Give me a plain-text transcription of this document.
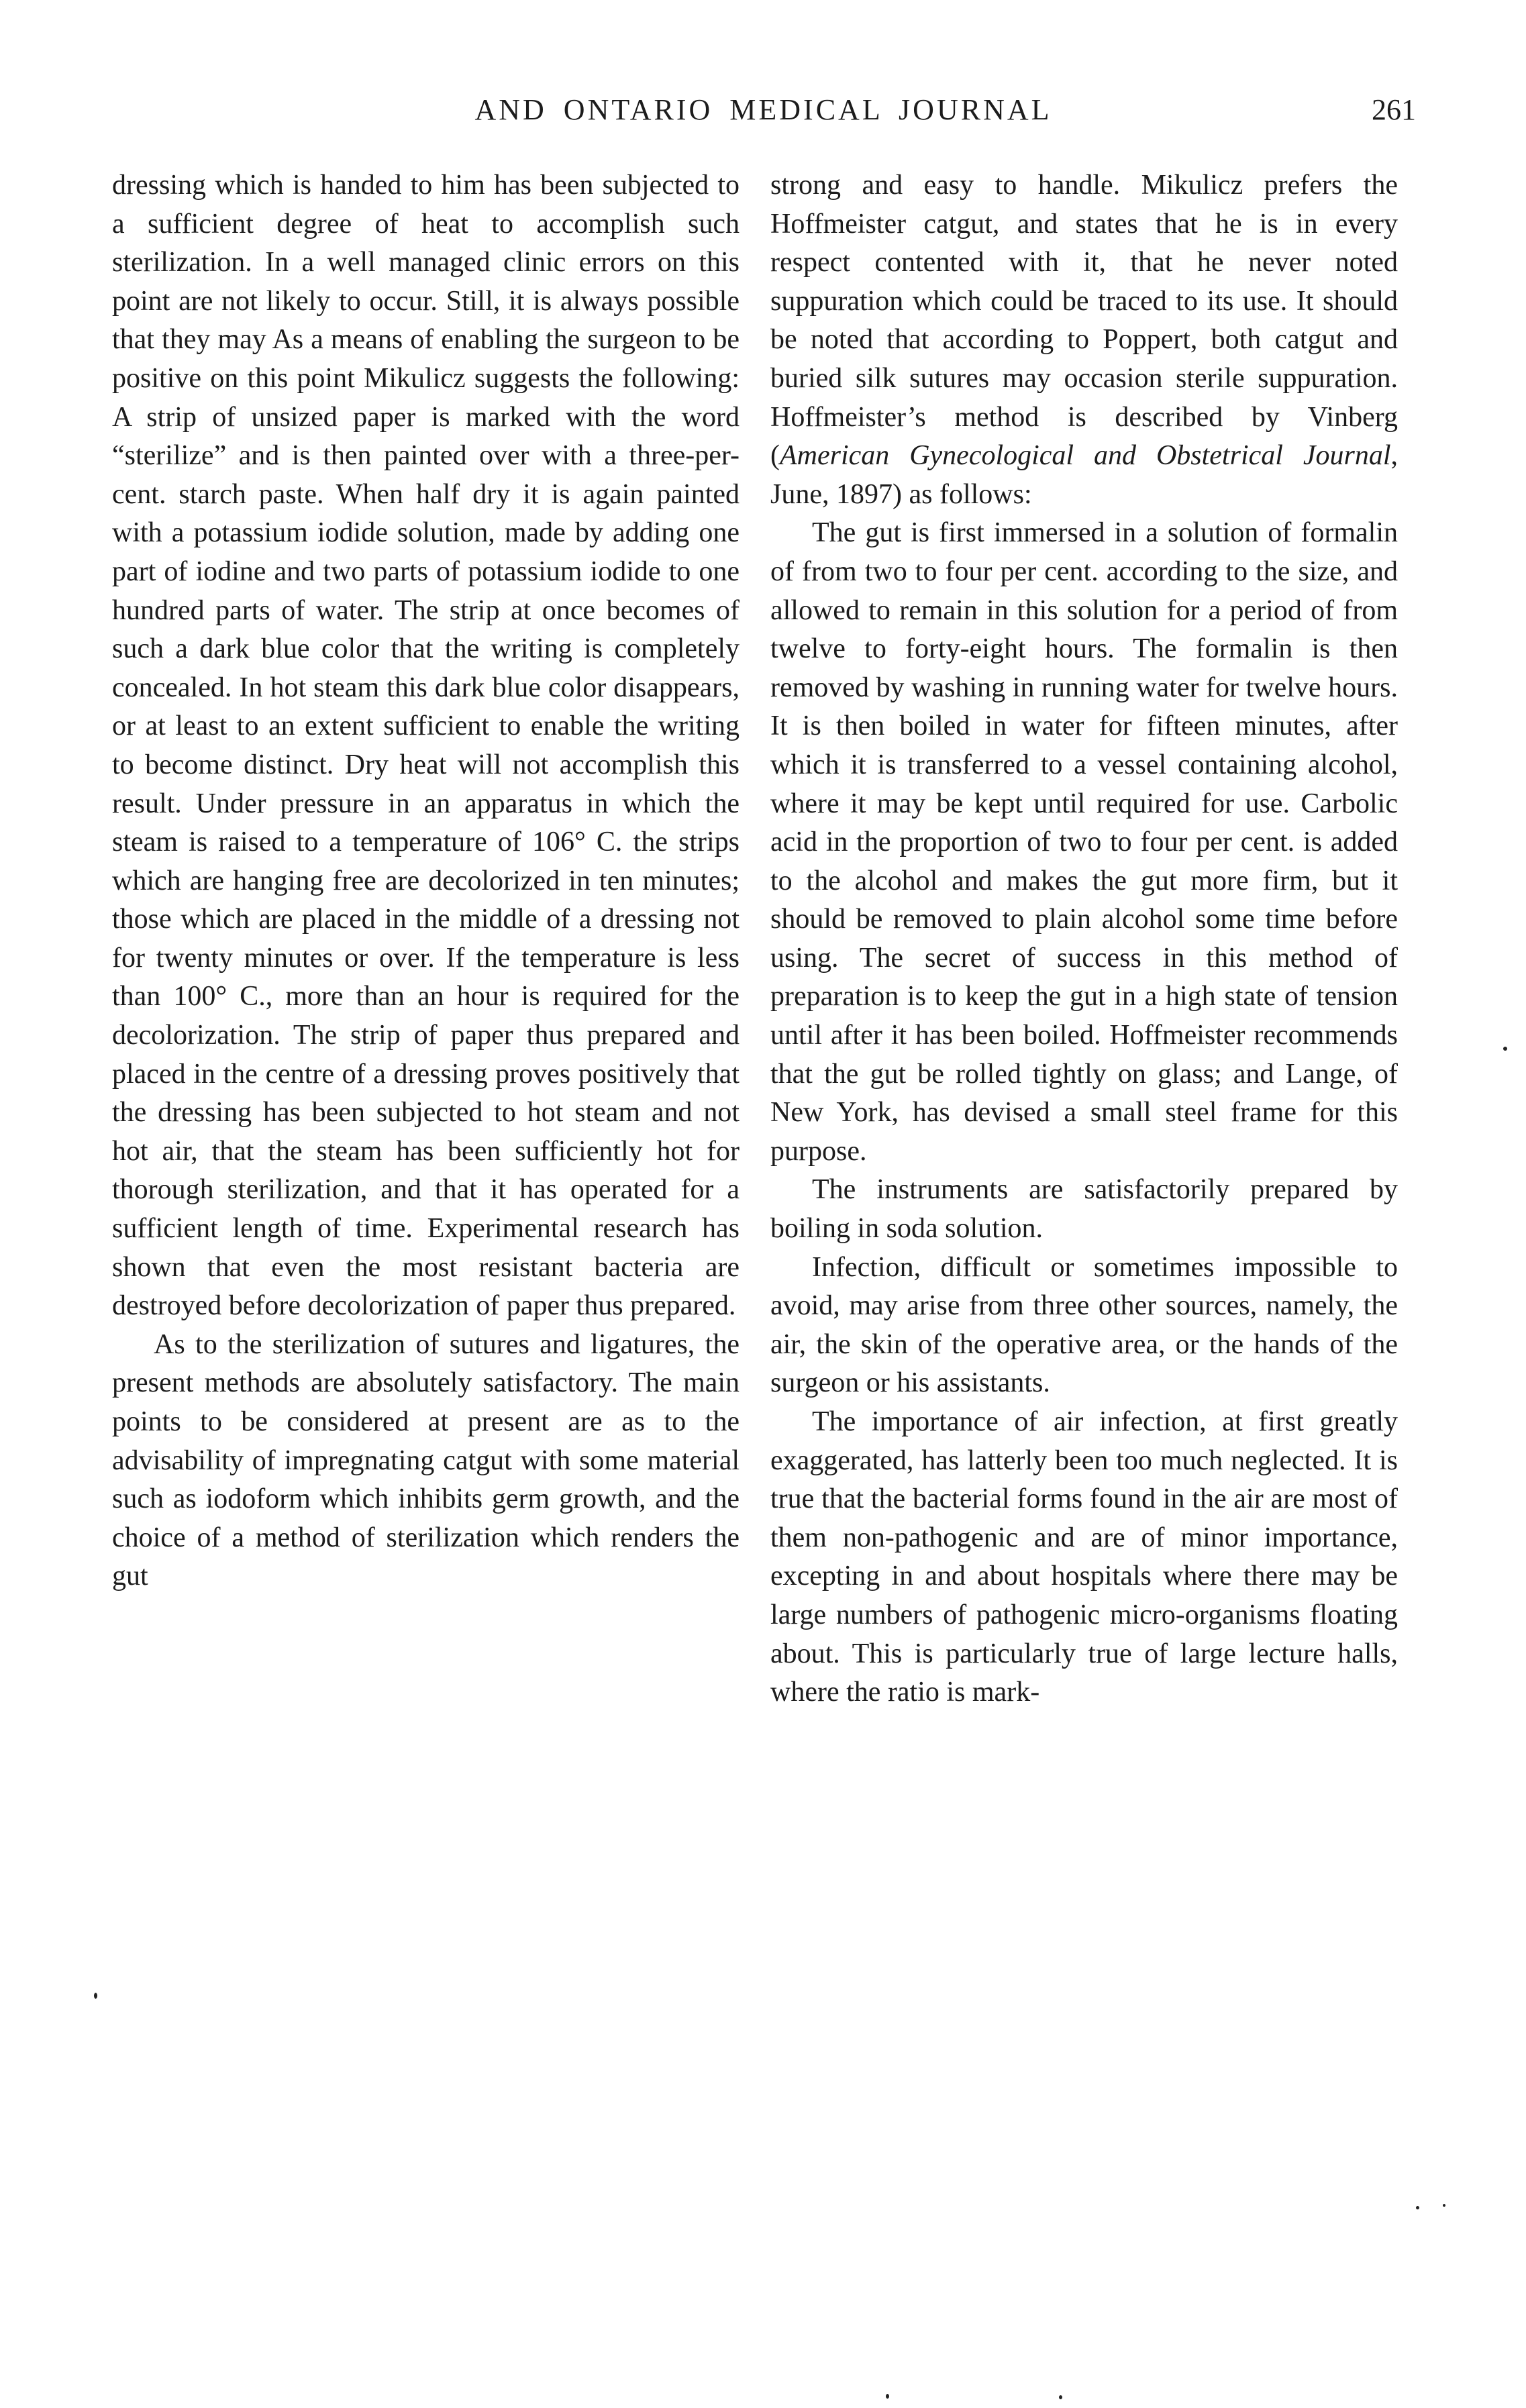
AND ONTARIO MEDICAL JOURNAL	261

dressing which is handed to him has been subjected to a sufficient degree of heat to accomplish such sterilization. In a well managed clinic errors on this point are not likely to occur. Still, it is always possible that they may As a means of enabling the surgeon to be positive on this point Mikulicz suggests the following: A strip of unsized paper is marked with the word “sterilize” and is then painted over with a three-per-cent. starch paste. When half dry it is again painted with a potassium iodide solution, made by adding one part of iodine and two parts of potassium iodide to one hundred parts of water. The strip at once becomes of such a dark blue color that the writing is completely concealed. In hot steam this dark blue color disappears, or at least to an extent sufficient to enable the writing to become distinct. Dry heat will not accomplish this result. Under pressure in an apparatus in which the steam is raised to a temperature of 106° C. the strips which are hanging free are decolorized in ten minutes; those which are placed in the middle of a dressing not for twenty minutes or over. If the temperature is less than 100° C., more than an hour is required for the decolorization. The strip of paper thus prepared and placed in the centre of a dressing proves positively that the dressing has been subjected to hot steam and not hot air, that the steam has been sufficiently hot for thorough sterilization, and that it has operated for a sufficient length of time. Experimental research has shown that even the most resistant bacteria are destroyed before decolorization of paper thus prepared.

As to the sterilization of sutures and ligatures, the present methods are absolutely satisfactory. The main points to be considered at present are as to the advisability of impregnating catgut with some material such as iodoform which inhibits germ growth, and the choice of a method of sterilization which renders the gut

strong and easy to handle. Mikulicz prefers the Hoffmeister catgut, and states that he is in every respect contented with it, that he never noted suppuration which could be traced to its use. It should be noted that according to Poppert, both catgut and buried silk sutures may occasion sterile suppuration. Hoffmeister’s method is described by Vinberg (American Gynecological and Obstetrical Journal, June, 1897) as follows:

The gut is first immersed in a solution of formalin of from two to four per cent. according to the size, and allowed to remain in this solution for a period of from twelve to forty-eight hours. The formalin is then removed by washing in running water for twelve hours. It is then boiled in water for fifteen minutes, after which it is transferred to a vessel containing alcohol, where it may be kept until required for use. Carbolic acid in the proportion of two to four per cent. is added to the alcohol and makes the gut more firm, but it should be removed to plain alcohol some time before using. The secret of success in this method of preparation is to keep the gut in a high state of tension until after it has been boiled. Hoffmeister recommends that the gut be rolled tightly on glass; and Lange, of New York, has devised a small steel frame for this purpose.

The instruments are satisfactorily prepared by boiling in soda solution.

Infection, difficult or sometimes impossible to avoid, may arise from three other sources, namely, the air, the skin of the operative area, or the hands of the surgeon or his assistants.

The importance of air infection, at first greatly exaggerated, has latterly been too much neglected. It is true that the bacterial forms found in the air are most of them non-pathogenic and are of minor importance, excepting in and about hospitals where there may be large numbers of pathogenic micro-organisms floating about. This is particularly true of large lecture halls, where the ratio is mark-
